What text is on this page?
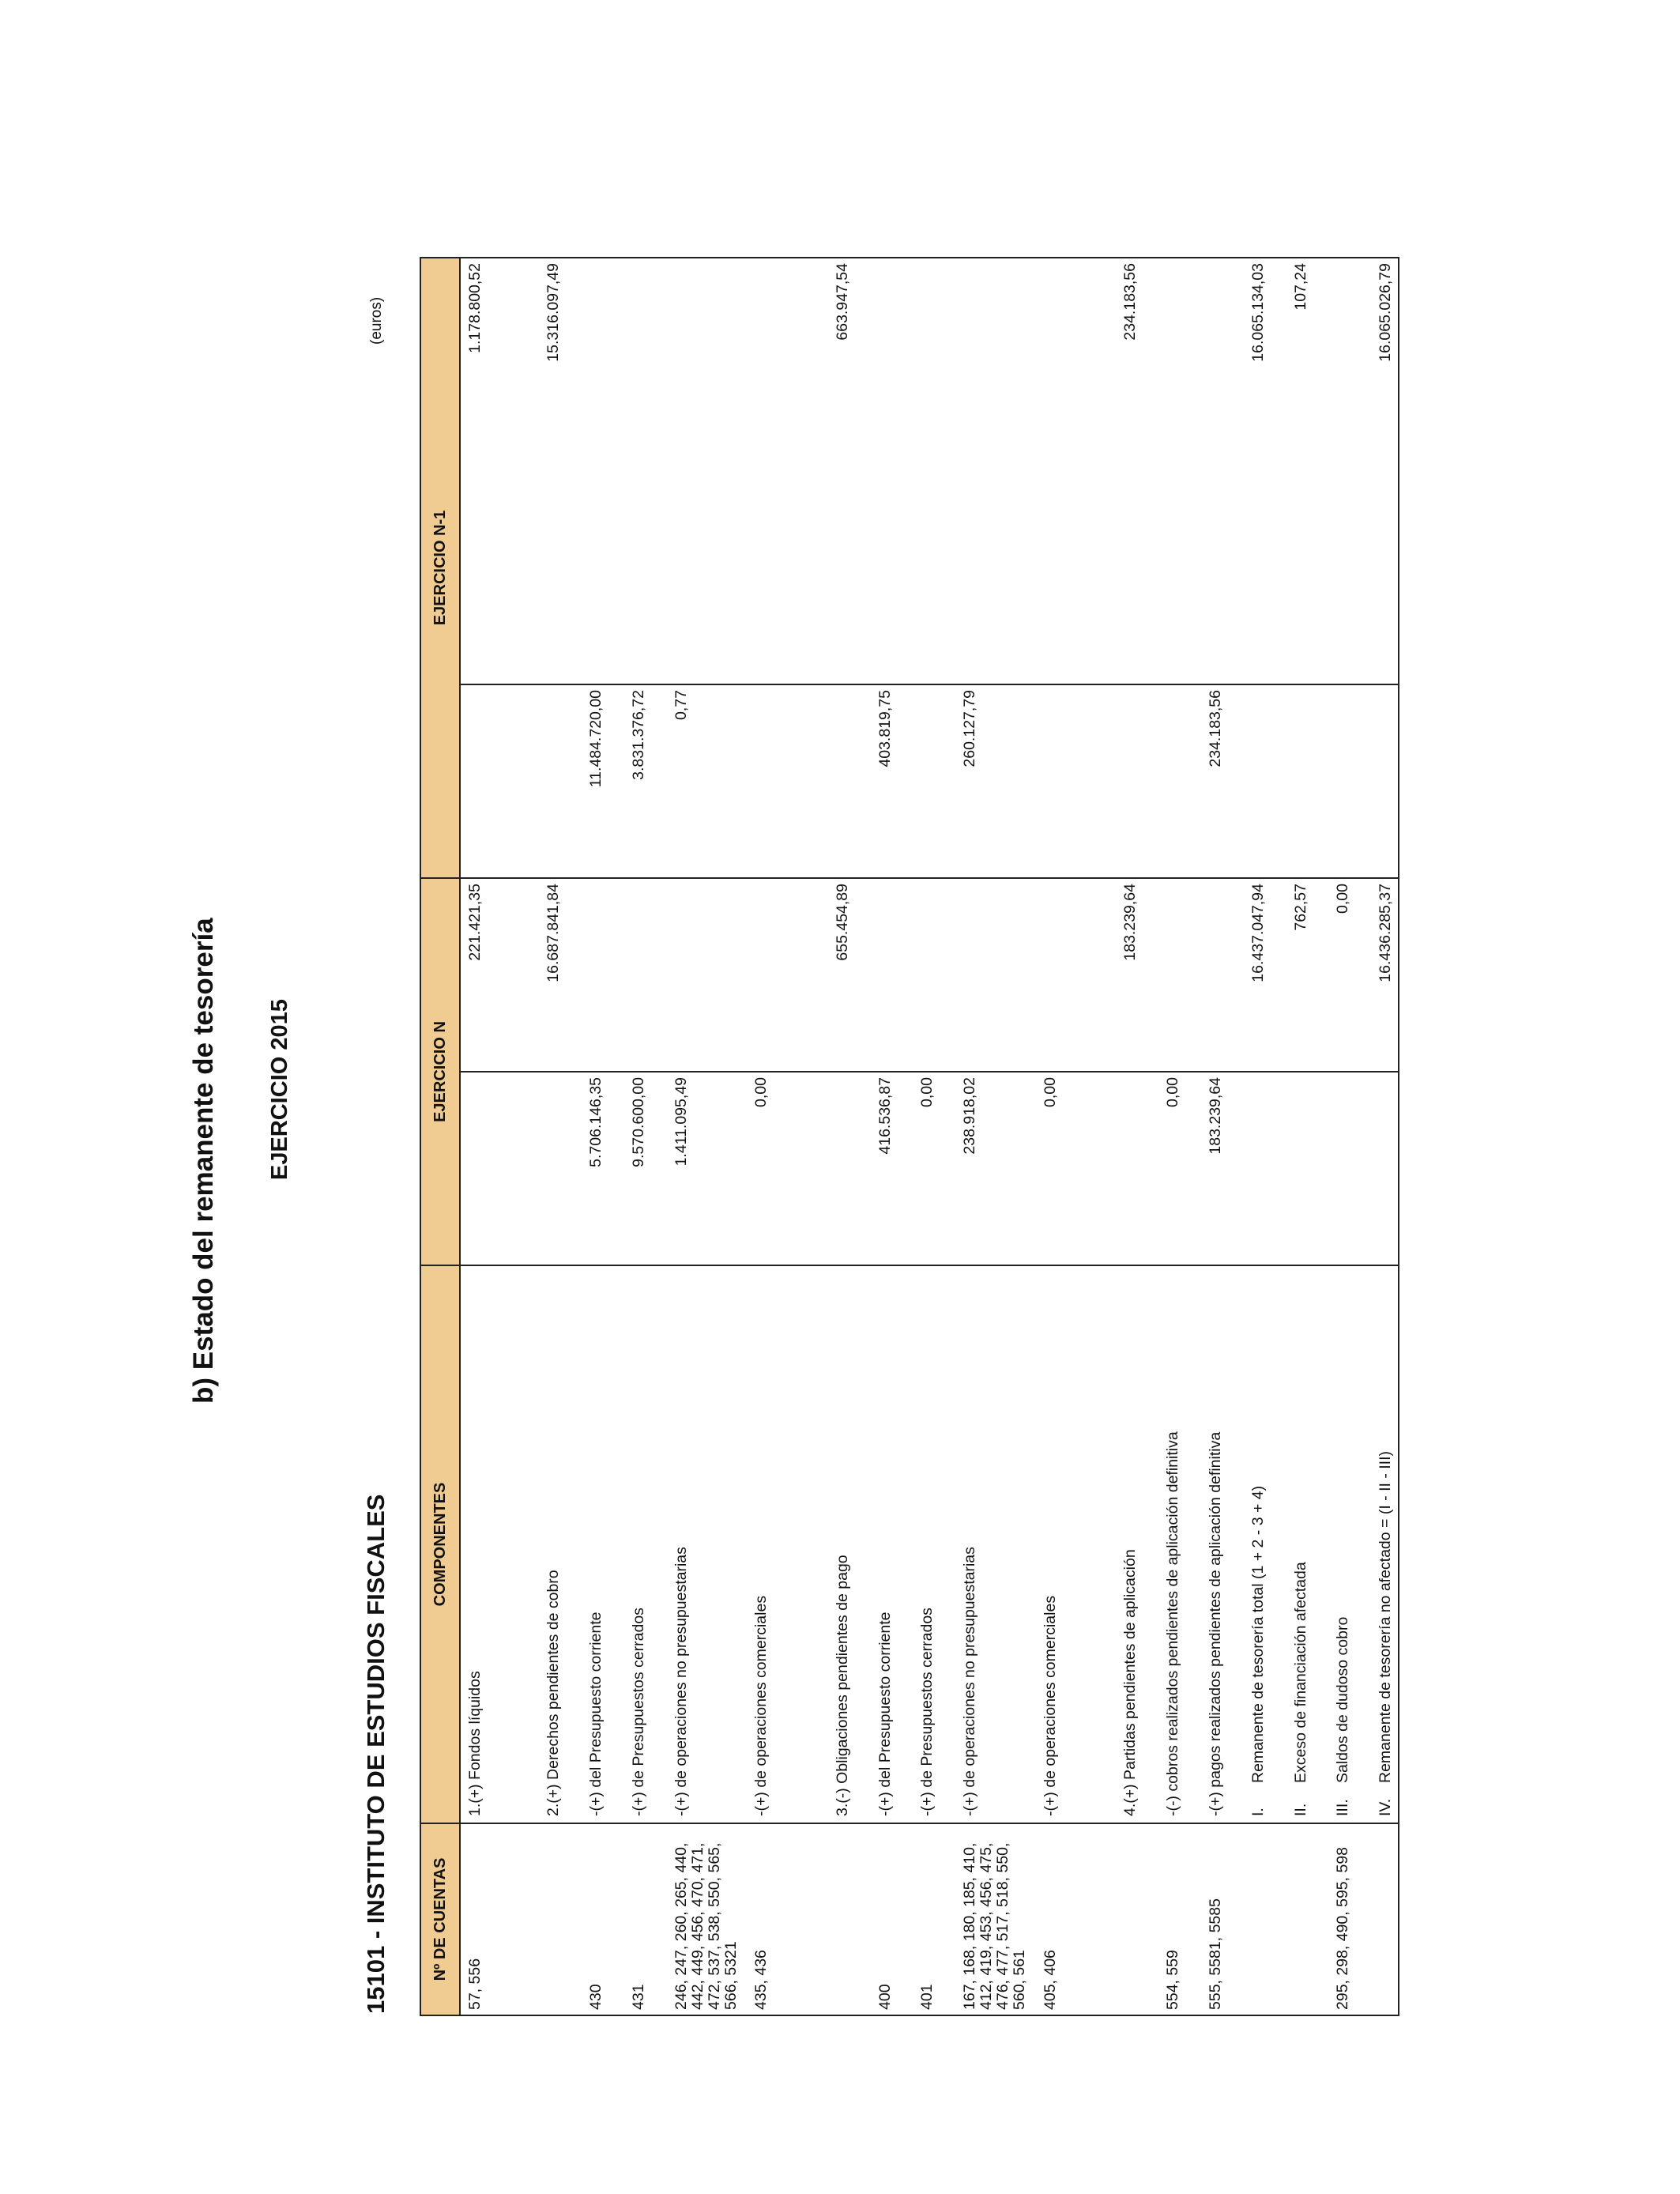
b) Estado del remanente de tesorería EJERCICIO 2015
15101 - INSTITUTO DE ESTUDIOS FISCALES
(euros)
Nº DE CUENTAS	COMPONENTES	EJERCICIO N		EJERCICIO N-1	
57, 556	1.(+) Fondos líquidos		221.421,35		1.178.800,52
	2.(+) Derechos pendientes de cobro		16.687.841,84		15.316.097,49
430	-(+) del Presupuesto corriente	5.706.146,35		11.484.720,00	
431	-(+) de Presupuestos cerrados	9.570.600,00		3.831.376,72	
246, 247, 260, 265, 440, 442, 449, 456, 470, 471, 472, 537, 538, 550, 565, 566, 5321	-(+) de operaciones no presupuestarias	1.411.095,49		0,77	
435, 436	-(+) de operaciones comerciales	0,00			
	3.(-) Obligaciones pendientes de pago		655.454,89		663.947,54
400	-(+) del Presupuesto corriente	416.536,87		403.819,75	
401	-(+) de Presupuestos cerrados	0,00			
167, 168, 180, 185, 410, 412, 419, 453, 456, 475, 476, 477, 517, 518, 550, 560, 561	-(+) de operaciones no presupuestarias	238.918,02		260.127,79	
405, 406	-(+) de operaciones comerciales	0,00			
	4.(+) Partidas pendientes de aplicación		183.239,64		234.183,56
554, 559	-(-) cobros realizados pendientes de aplicación definitiva	0,00			
555, 5581, 5585	-(+) pagos realizados pendientes de aplicación definitiva	183.239,64		234.183,56	
	I.Remanente de tesorería total (1 + 2 - 3 + 4)		16.437.047,94		16.065.134,03
	II.Exceso de financiación afectada		762,57		107,24
295, 298, 490, 595, 598	III.Saldos de dudoso cobro		0,00		
	IV.Remanente de tesorería no afectado = (I - II - III)		16.436.285,37		16.065.026,79
